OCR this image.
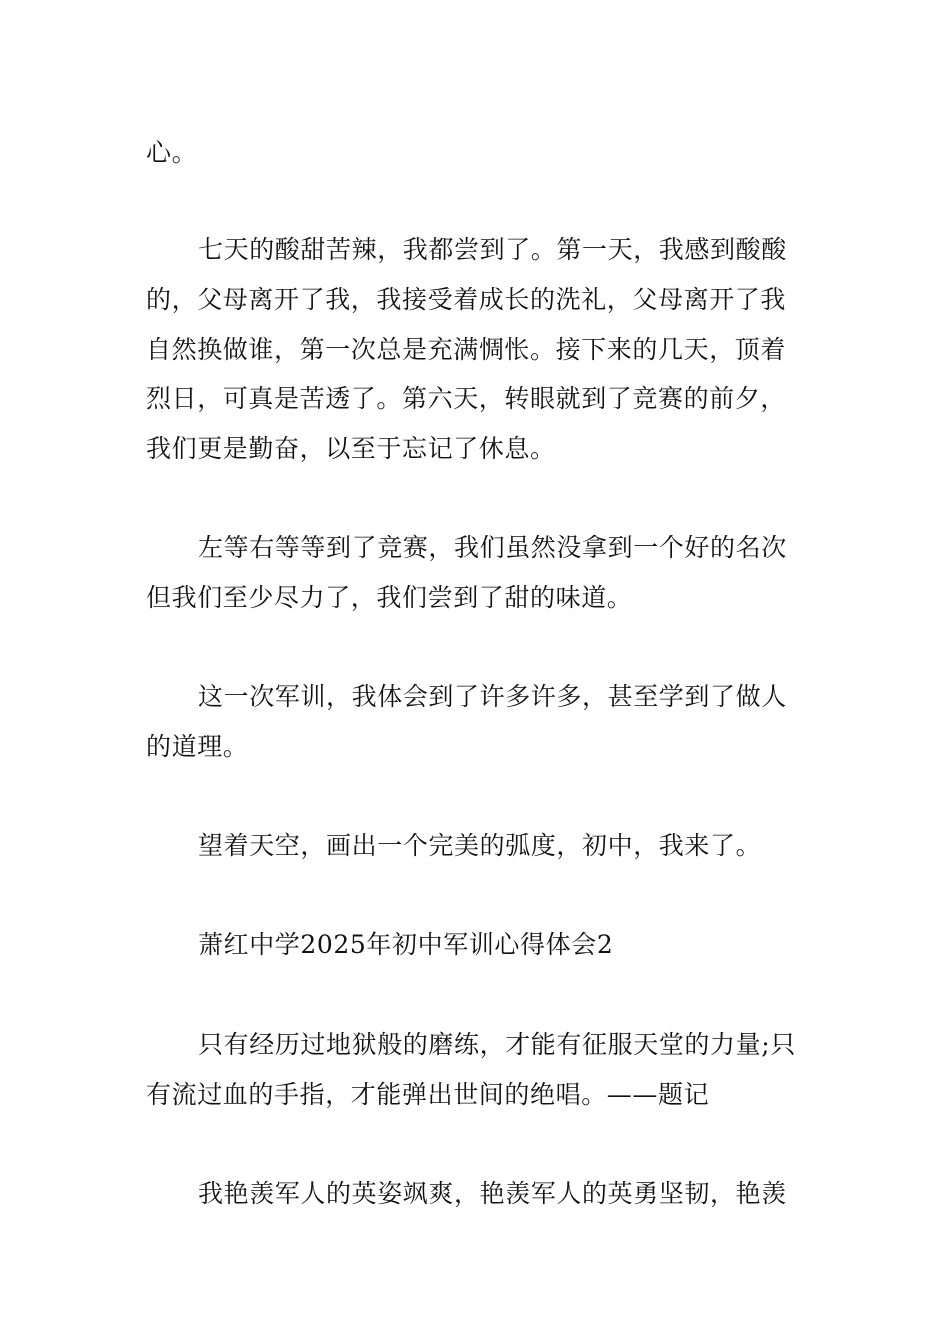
心。
七天的酸甜苦辣，我都尝到了。第一天，我感到酸酸
的，父母离开了我，我接受着成长的洗礼，父母离开了我
自然换做谁，第一次总是充满惆怅。接下来的几天，顶着
烈日，可真是苦透了。第六天，转眼就到了竞赛的前夕，
我们更是勤奋，以至于忘记了休息。
左等右等等到了竞赛，我们虽然没拿到一个好的名次
但我们至少尽力了，我们尝到了甜的味道。
这一次军训，我体会到了许多许多，甚至学到了做人
的道理。
望着天空，画出一个完美的弧度，初中，我来了。
萧红中学2025年初中军训心得体会2
只有经历过地狱般的磨练，才能有征服天堂的力量;只
有流过血的手指，才能弹出世间的绝唱。——题记
我艳羡军人的英姿飒爽，艳羡军人的英勇坚韧，艳羡
